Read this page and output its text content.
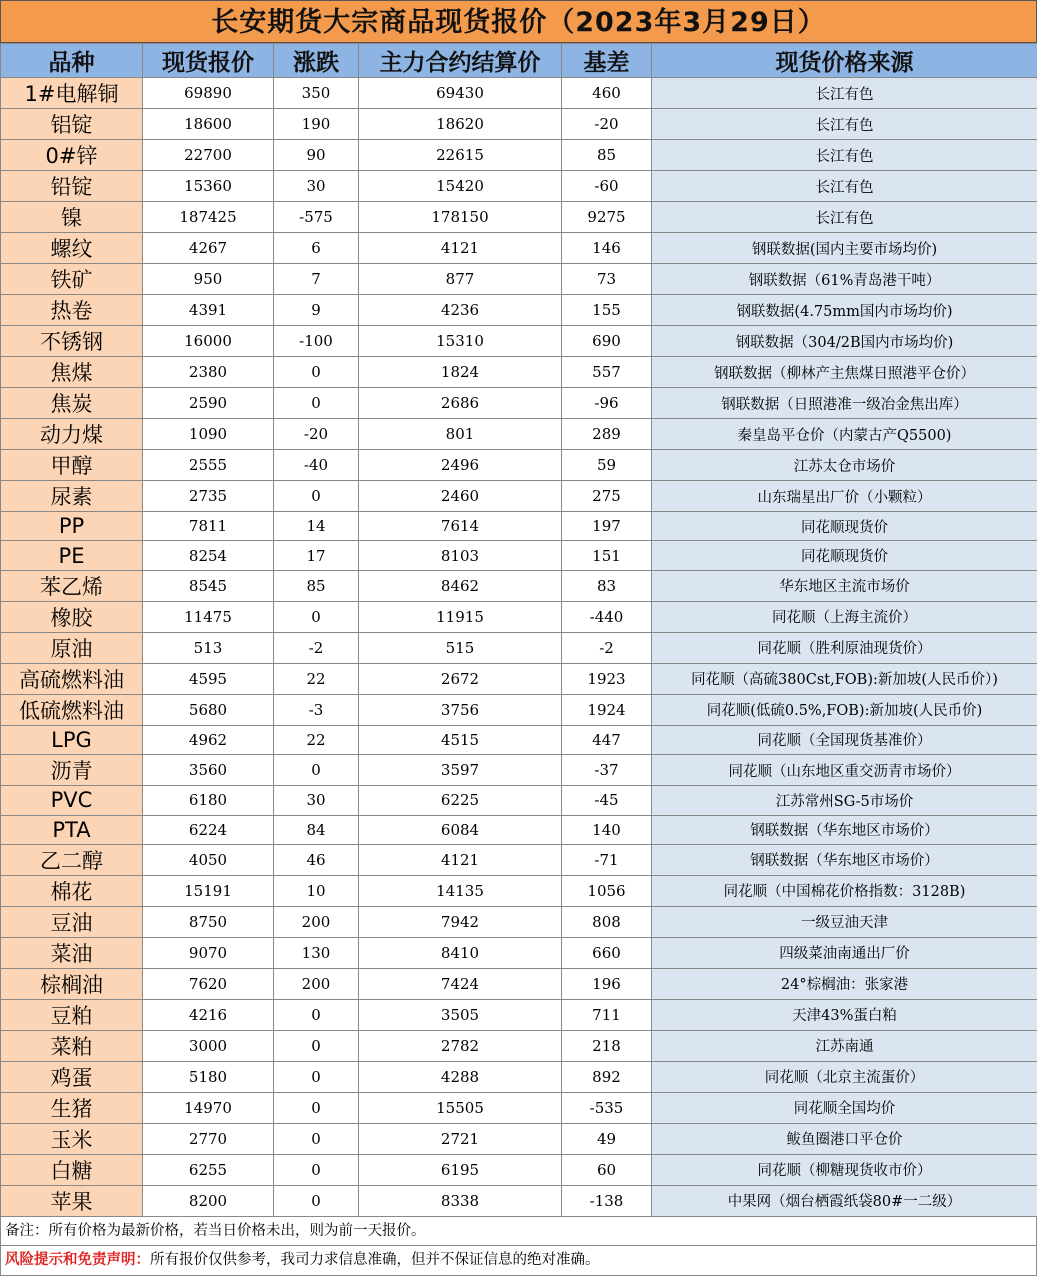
长安期货大宗商品现货报价（2023年3月29日）
品种	现货报价	涨跌	主力合约结算价	基差	现货价格来源
1#电解铜	69890	350	69430	460	长江有色
铝锭	18600	190	18620	-20	长江有色
0#锌	22700	90	22615	85	长江有色
铅锭	15360	30	15420	-60	长江有色
镍	187425	-575	178150	9275	长江有色
螺纹	4267	6	4121	146	钢联数据(国内主要市场均价)
铁矿	950	7	877	73	钢联数据（61%青岛港干吨）
热卷	4391	9	4236	155	钢联数据(4.75mm国内市场均价)
不锈钢	16000	-100	15310	690	钢联数据（304/2B国内市场均价)
焦煤	2380	0	1824	557	钢联数据（柳林产主焦煤日照港平仓价）
焦炭	2590	0	2686	-96	钢联数据（日照港准一级冶金焦出库）
动力煤	1090	-20	801	289	秦皇岛平仓价（内蒙古产Q5500)
甲醇	2555	-40	2496	59	江苏太仓市场价
尿素	2735	0	2460	275	山东瑞星出厂价（小颗粒）
PP	7811	14	7614	197	同花顺现货价
PE	8254	17	8103	151	同花顺现货价
苯乙烯	8545	85	8462	83	华东地区主流市场价
橡胶	11475	0	11915	-440	同花顺（上海主流价）
原油	513	-2	515	-2	同花顺（胜利原油现货价）
高硫燃料油	4595	22	2672	1923	同花顺（高硫380Cst,FOB):新加坡(人民币价）)
低硫燃料油	5680	-3	3756	1924	同花顺(低硫0.5%,FOB):新加坡(人民币价)
LPG	4962	22	4515	447	同花顺（全国现货基准价）
沥青	3560	0	3597	-37	同花顺（山东地区重交沥青市场价）
PVC	6180	30	6225	-45	江苏常州SG-5市场价
PTA	6224	84	6084	140	钢联数据（华东地区市场价）
乙二醇	4050	46	4121	-71	钢联数据（华东地区市场价）
棉花	15191	10	14135	1056	同花顺（中国棉花价格指数：3128B)
豆油	8750	200	7942	808	一级豆油天津
菜油	9070	130	8410	660	四级菜油南通出厂价
棕榈油	7620	200	7424	196	24°棕榈油：张家港
豆粕	4216	0	3505	711	天津43%蛋白粕
菜粕	3000	0	2782	218	江苏南通
鸡蛋	5180	0	4288	892	同花顺（北京主流蛋价）
生猪	14970	0	15505	-535	同花顺全国均价
玉米	2770	0	2721	49	鲅鱼圈港口平仓价
白糖	6255	0	6195	60	同花顺（柳糖现货收市价）
苹果	8200	0	8338	-138	中果网（烟台栖霞纸袋80#一二级）
备注：所有价格为最新价格，若当日价格未出，则为前一天报价。
风险提示和免责声明：所有报价仅供参考，我司力求信息准确，但并不保证信息的绝对准确。
